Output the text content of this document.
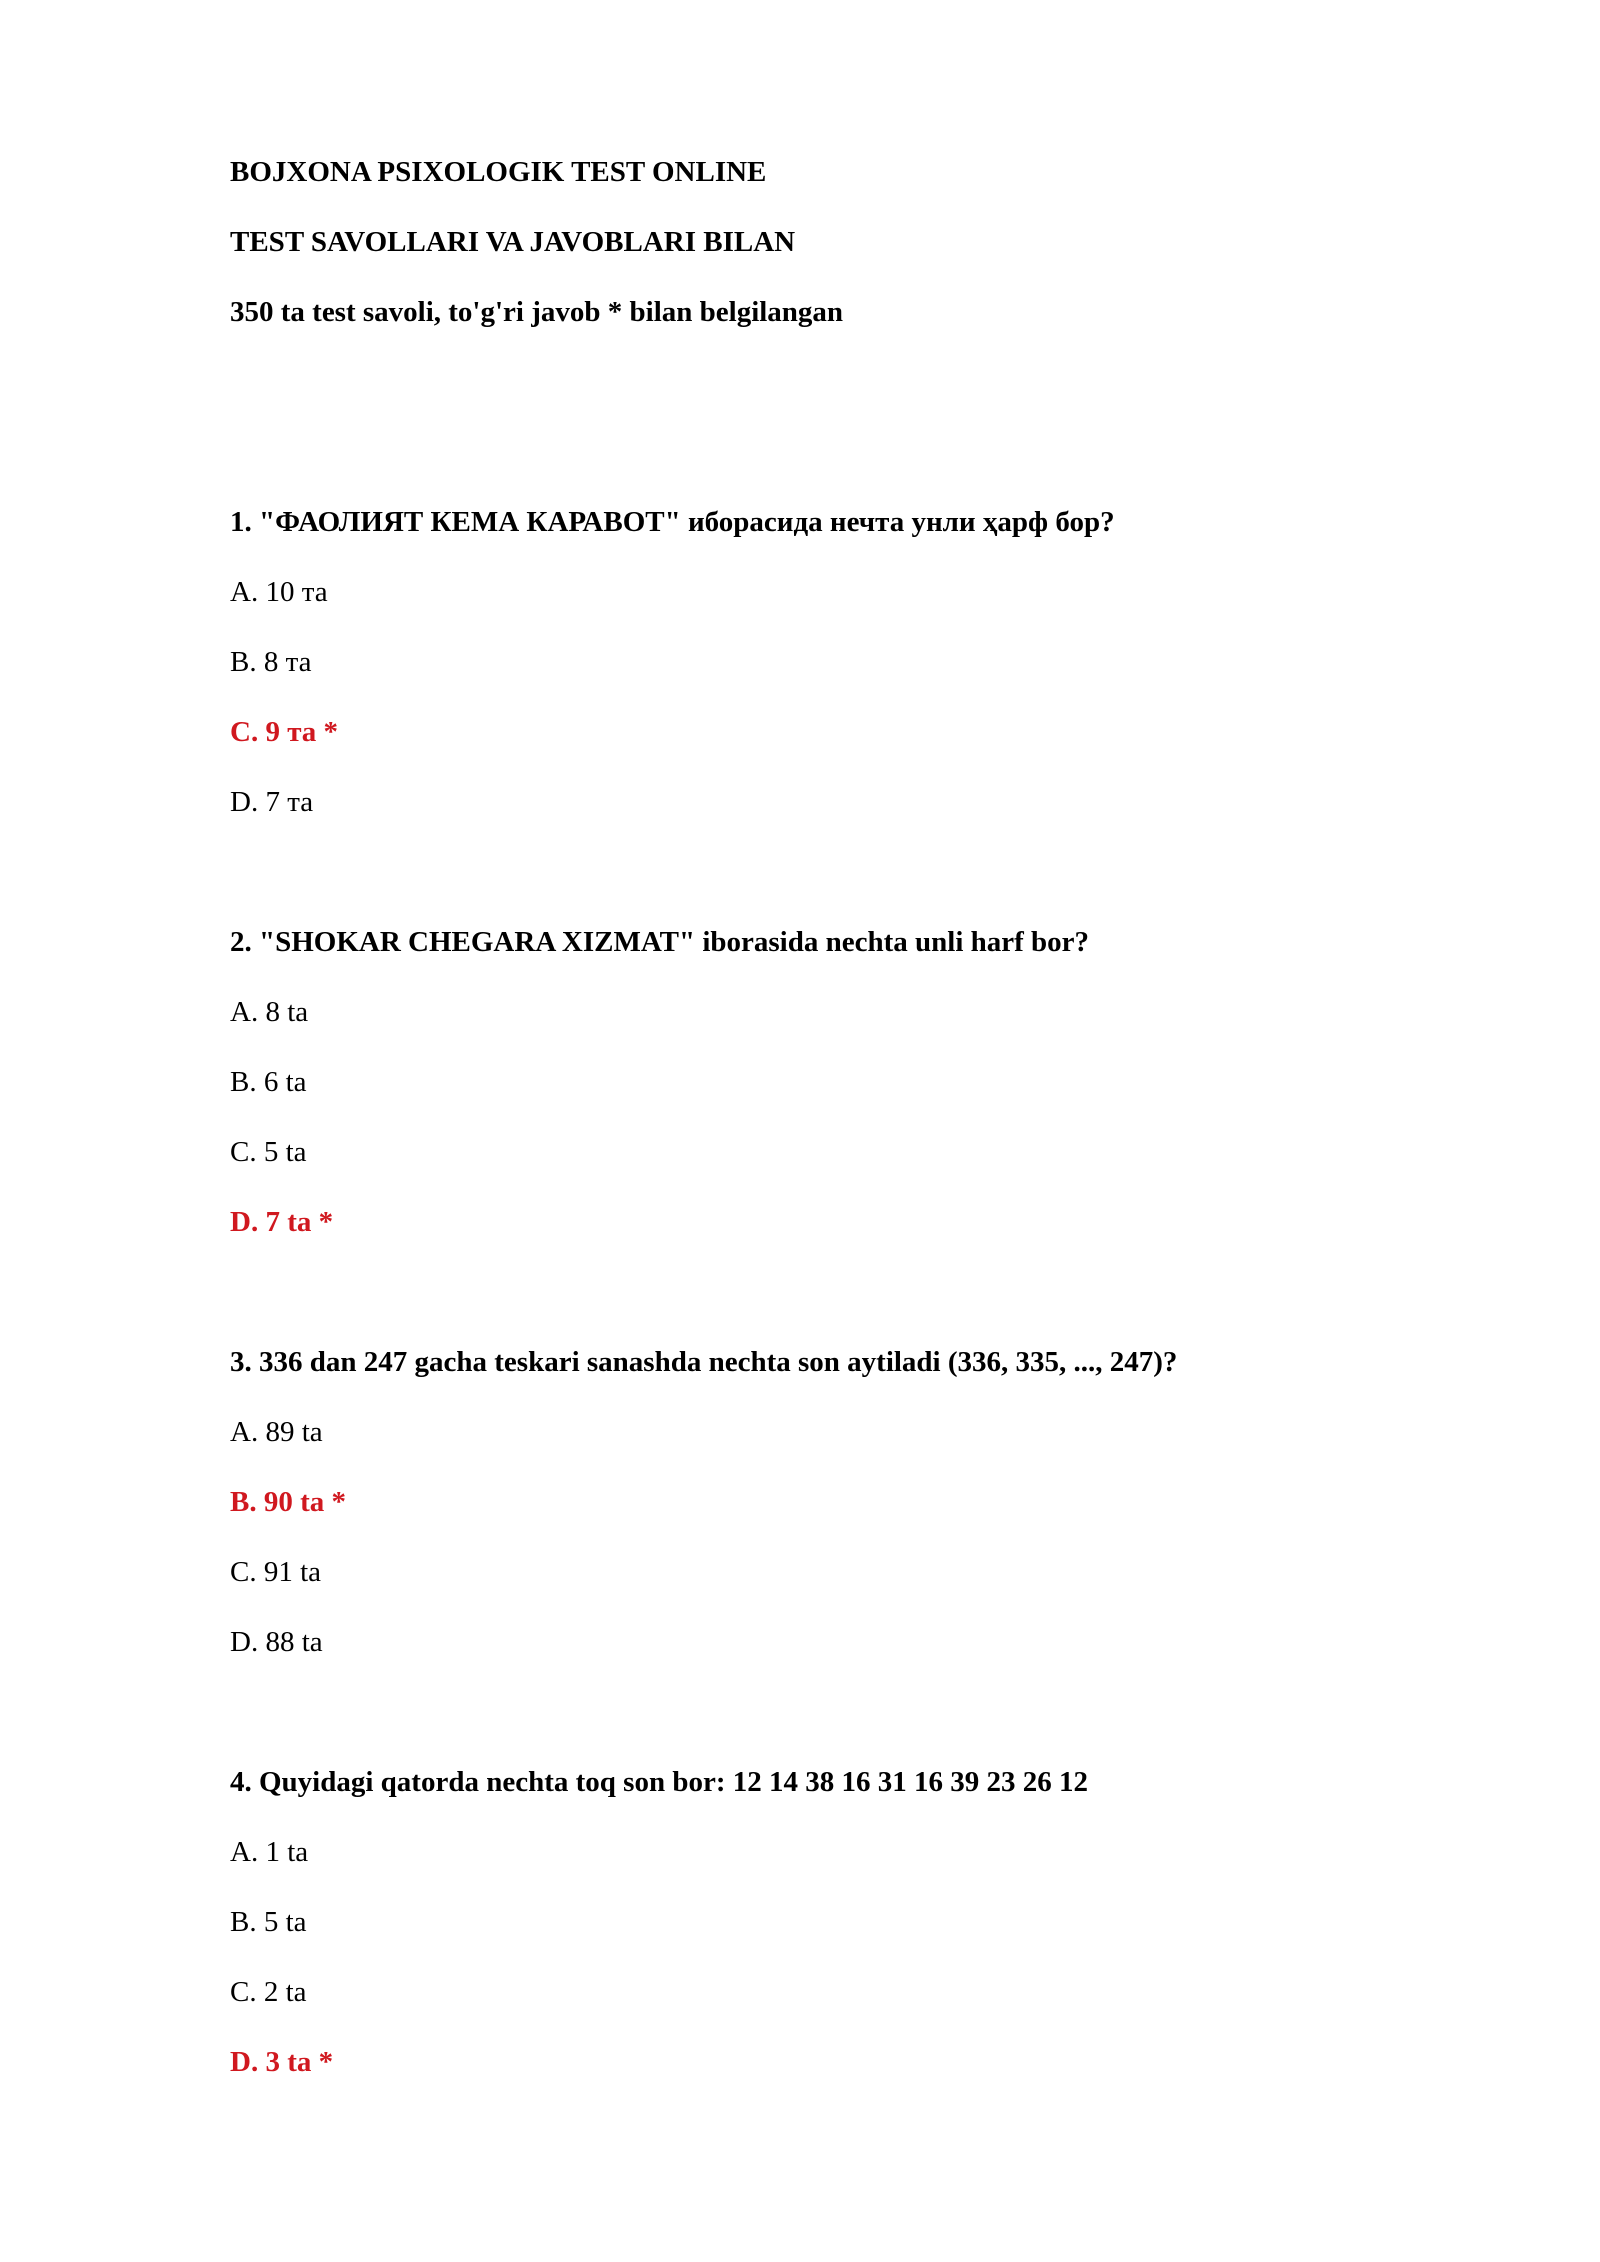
BOJXONA PSIXOLOGIK TEST ONLINE
TEST SAVOLLARI VA JAVOBLARI BILAN
350 ta test savoli, to'g'ri javob * bilan belgilangan
1. "ФАОЛИЯТ КЕМА КАРАВОТ" иборасида нечта унли ҳарф бор?
A. 10 та
B. 8 та
C. 9 та *
D. 7 та
2. "SHOKAR CHEGARA XIZMAT" iborasida nechta unli harf bor?
A. 8 ta
B. 6 ta
C. 5 ta
D. 7 ta *
3. 336 dan 247 gacha teskari sanashda nechta son aytiladi (336, 335, ..., 247)?
A. 89 ta
B. 90 ta *
C. 91 ta
D. 88 ta
4. Quyidagi qatorda nechta toq son bor: 12 14 38 16 31 16 39 23 26 12
A. 1 ta
B. 5 ta
C. 2 ta
D. 3 ta *
